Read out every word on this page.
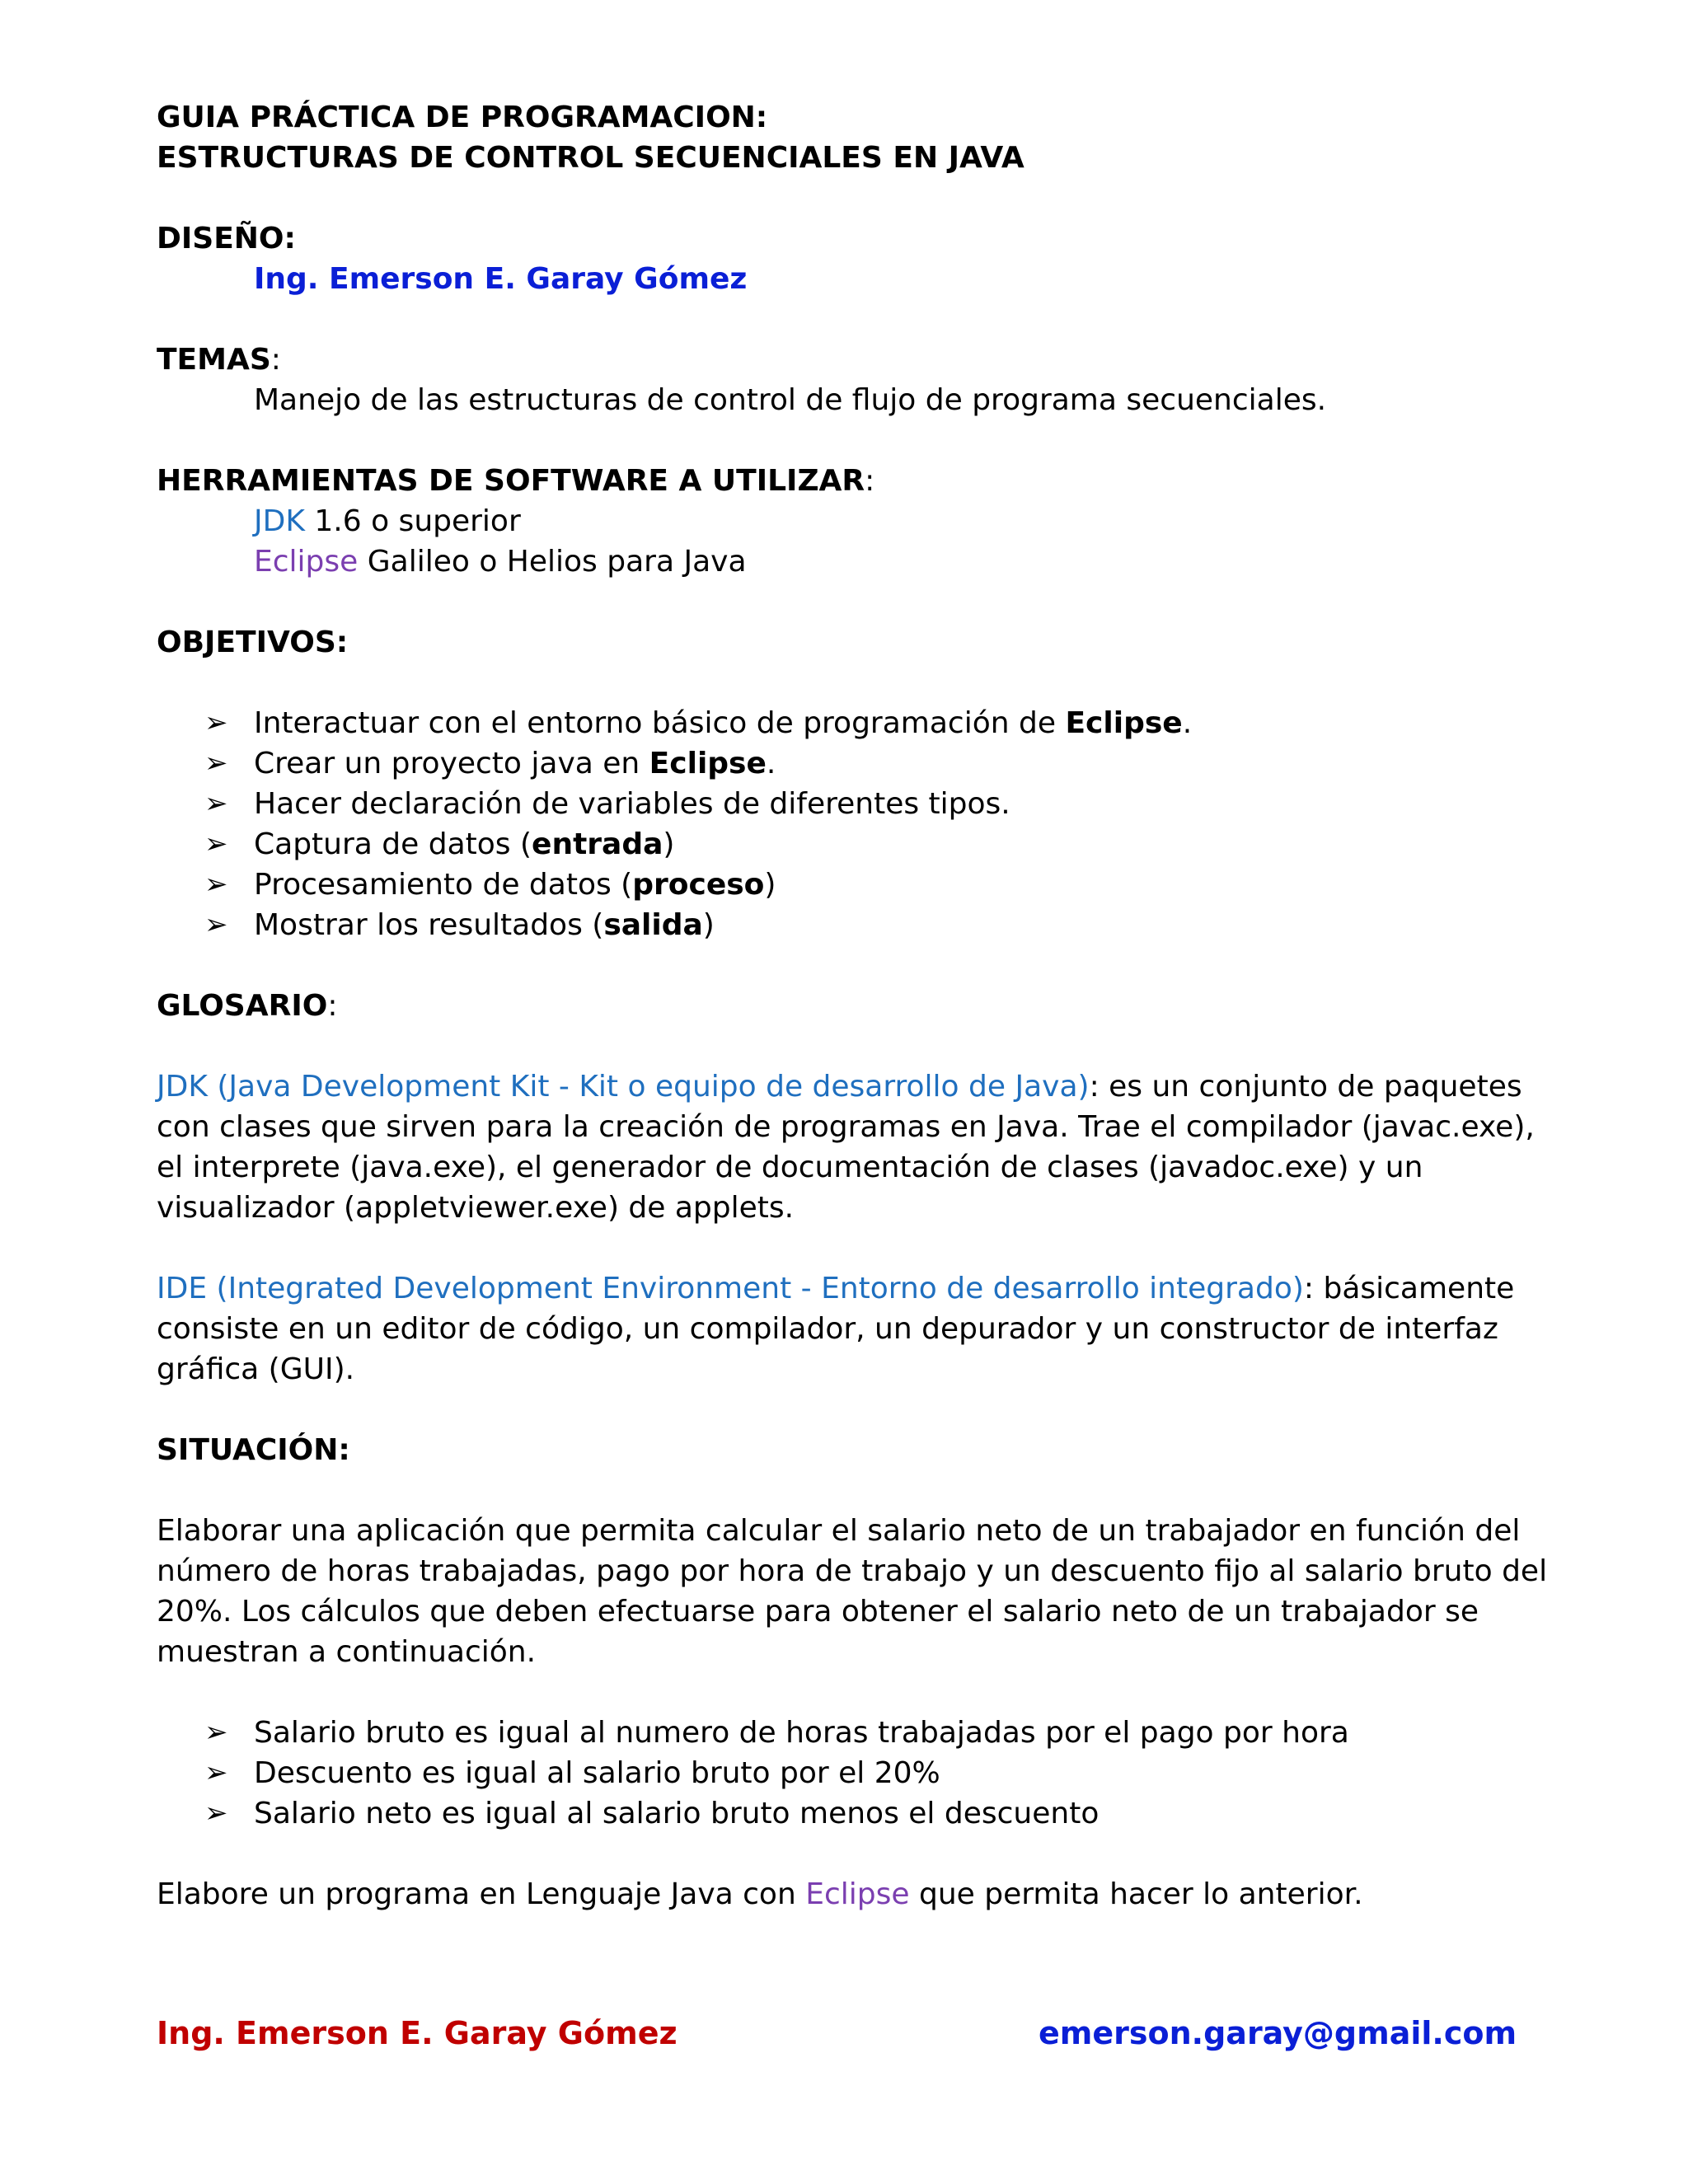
GUIA PRÁCTICA DE PROGRAMACION:

ESTRUCTURAS DE CONTROL SECUENCIALES EN JAVA

DISEÑO:

Ing. Emerson E. Garay Gómez

TEMAS:

Manejo de las estructuras de control de flujo de programa secuenciales.

HERRAMIENTAS DE SOFTWARE A UTILIZAR:

JDK 1.6 o superior

Eclipse Galileo o Helios para Java

OBJETIVOS:

➢ Interactuar con el entorno básico de programación de Eclipse.
➢ Crear un proyecto java en Eclipse.
➢ Hacer declaración de variables de diferentes tipos.
➢ Captura de datos (entrada)
➢ Procesamiento de datos (proceso)
➢ Mostrar los resultados (salida)

GLOSARIO:

JDK (Java Development Kit - Kit o equipo de desarrollo de Java): es un conjunto de paquetes

con clases que sirven para la creación de programas en Java. Trae el compilador (javac.exe),

el interprete (java.exe), el generador de documentación de clases (javadoc.exe) y un

visualizador (appletviewer.exe) de applets.

IDE (Integrated Development Environment - Entorno de desarrollo integrado): básicamente

consiste en un editor de código, un compilador, un depurador y un constructor de interfaz

gráfica (GUI).

SITUACIÓN:

Elaborar una aplicación que permita calcular el salario neto de un trabajador en función del

número de horas trabajadas, pago por hora de trabajo y un descuento fijo al salario bruto del

20%. Los cálculos que deben efectuarse para obtener el salario neto de un trabajador se

muestran a continuación.

➢ Salario bruto es igual al numero de horas trabajadas por el pago por hora
➢ Descuento es igual al salario bruto por el 20%
➢ Salario neto es igual al salario bruto menos el descuento

Elabore un programa en Lenguaje Java con Eclipse que permita hacer lo anterior.

Ing. Emerson E. Garay Gómez	emerson.garay@gmail.com
